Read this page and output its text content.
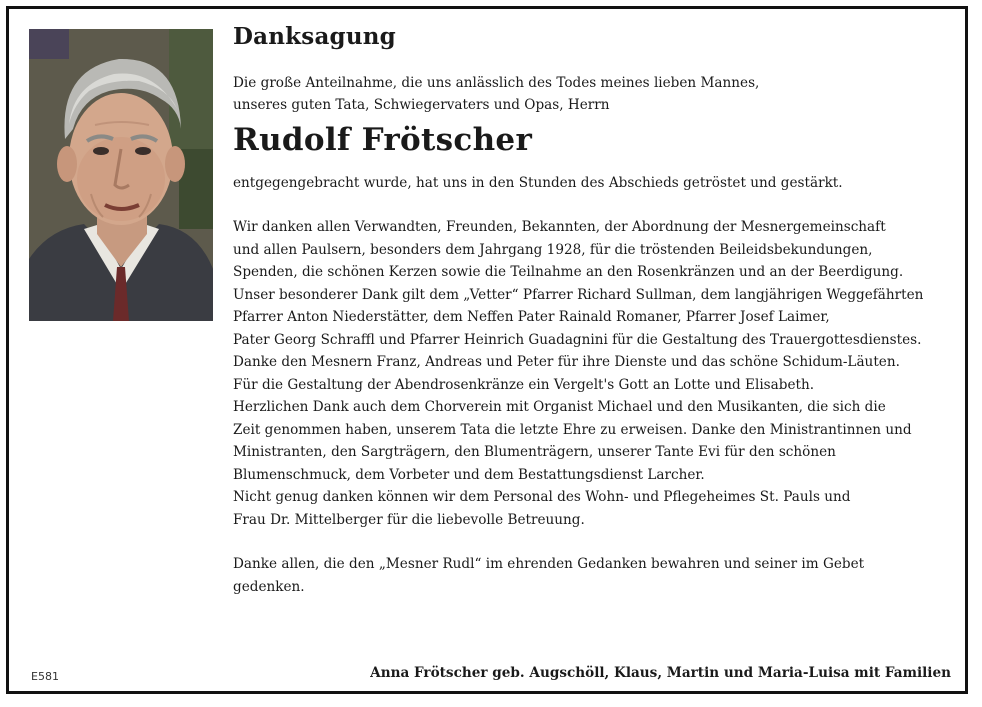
Danksagung

Die große Anteilnahme, die uns anlässlich des Todes meines lieben Mannes,

unseres guten Tata, Schwiegervaters und Opas, Herrn

Rudolf Frötscher

entgegengebracht wurde, hat uns in den Stunden des Abschieds getröstet und gestärkt.

Wir danken allen Verwandten, Freunden, Bekannten, der Abordnung der Mesnergemeinschaft

und allen Paulsern, besonders dem Jahrgang 1928, für die tröstenden Beileidsbekundungen,

Spenden, die schönen Kerzen sowie die Teilnahme an den Rosenkränzen und an der Beerdigung.

Unser besonderer Dank gilt dem „Vetter“ Pfarrer Richard Sullman, dem langjährigen Weggefährten

Pfarrer Anton Niederstätter, dem Neffen Pater Rainald Romaner, Pfarrer Josef Laimer,

Pater Georg Schraffl und Pfarrer Heinrich Guadagnini für die Gestaltung des Trauergottesdienstes.

Danke den Mesnern Franz, Andreas und Peter für ihre Dienste und das schöne Schidum-Läuten.

Für die Gestaltung der Abendrosenkränze ein Vergelt's Gott an Lotte und Elisabeth.

Herzlichen Dank auch dem Chorverein mit Organist Michael und den Musikanten, die sich die

Zeit genommen haben, unserem Tata die letzte Ehre zu erweisen. Danke den Ministrantinnen und

Ministranten, den Sargträgern, den Blumenträgern, unserer Tante Evi für den schönen

Blumenschmuck, dem Vorbeter und dem Bestattungsdienst Larcher.

Nicht genug danken können wir dem Personal des Wohn- und Pflegeheimes St. Pauls und

Frau Dr. Mittelberger für die liebevolle Betreuung.

Danke allen, die den „Mesner Rudl“ im ehrenden Gedanken bewahren und seiner im Gebet

gedenken.

E581	Anna Frötscher geb. Augschöll, Klaus, Martin und Maria-Luisa mit Familien
